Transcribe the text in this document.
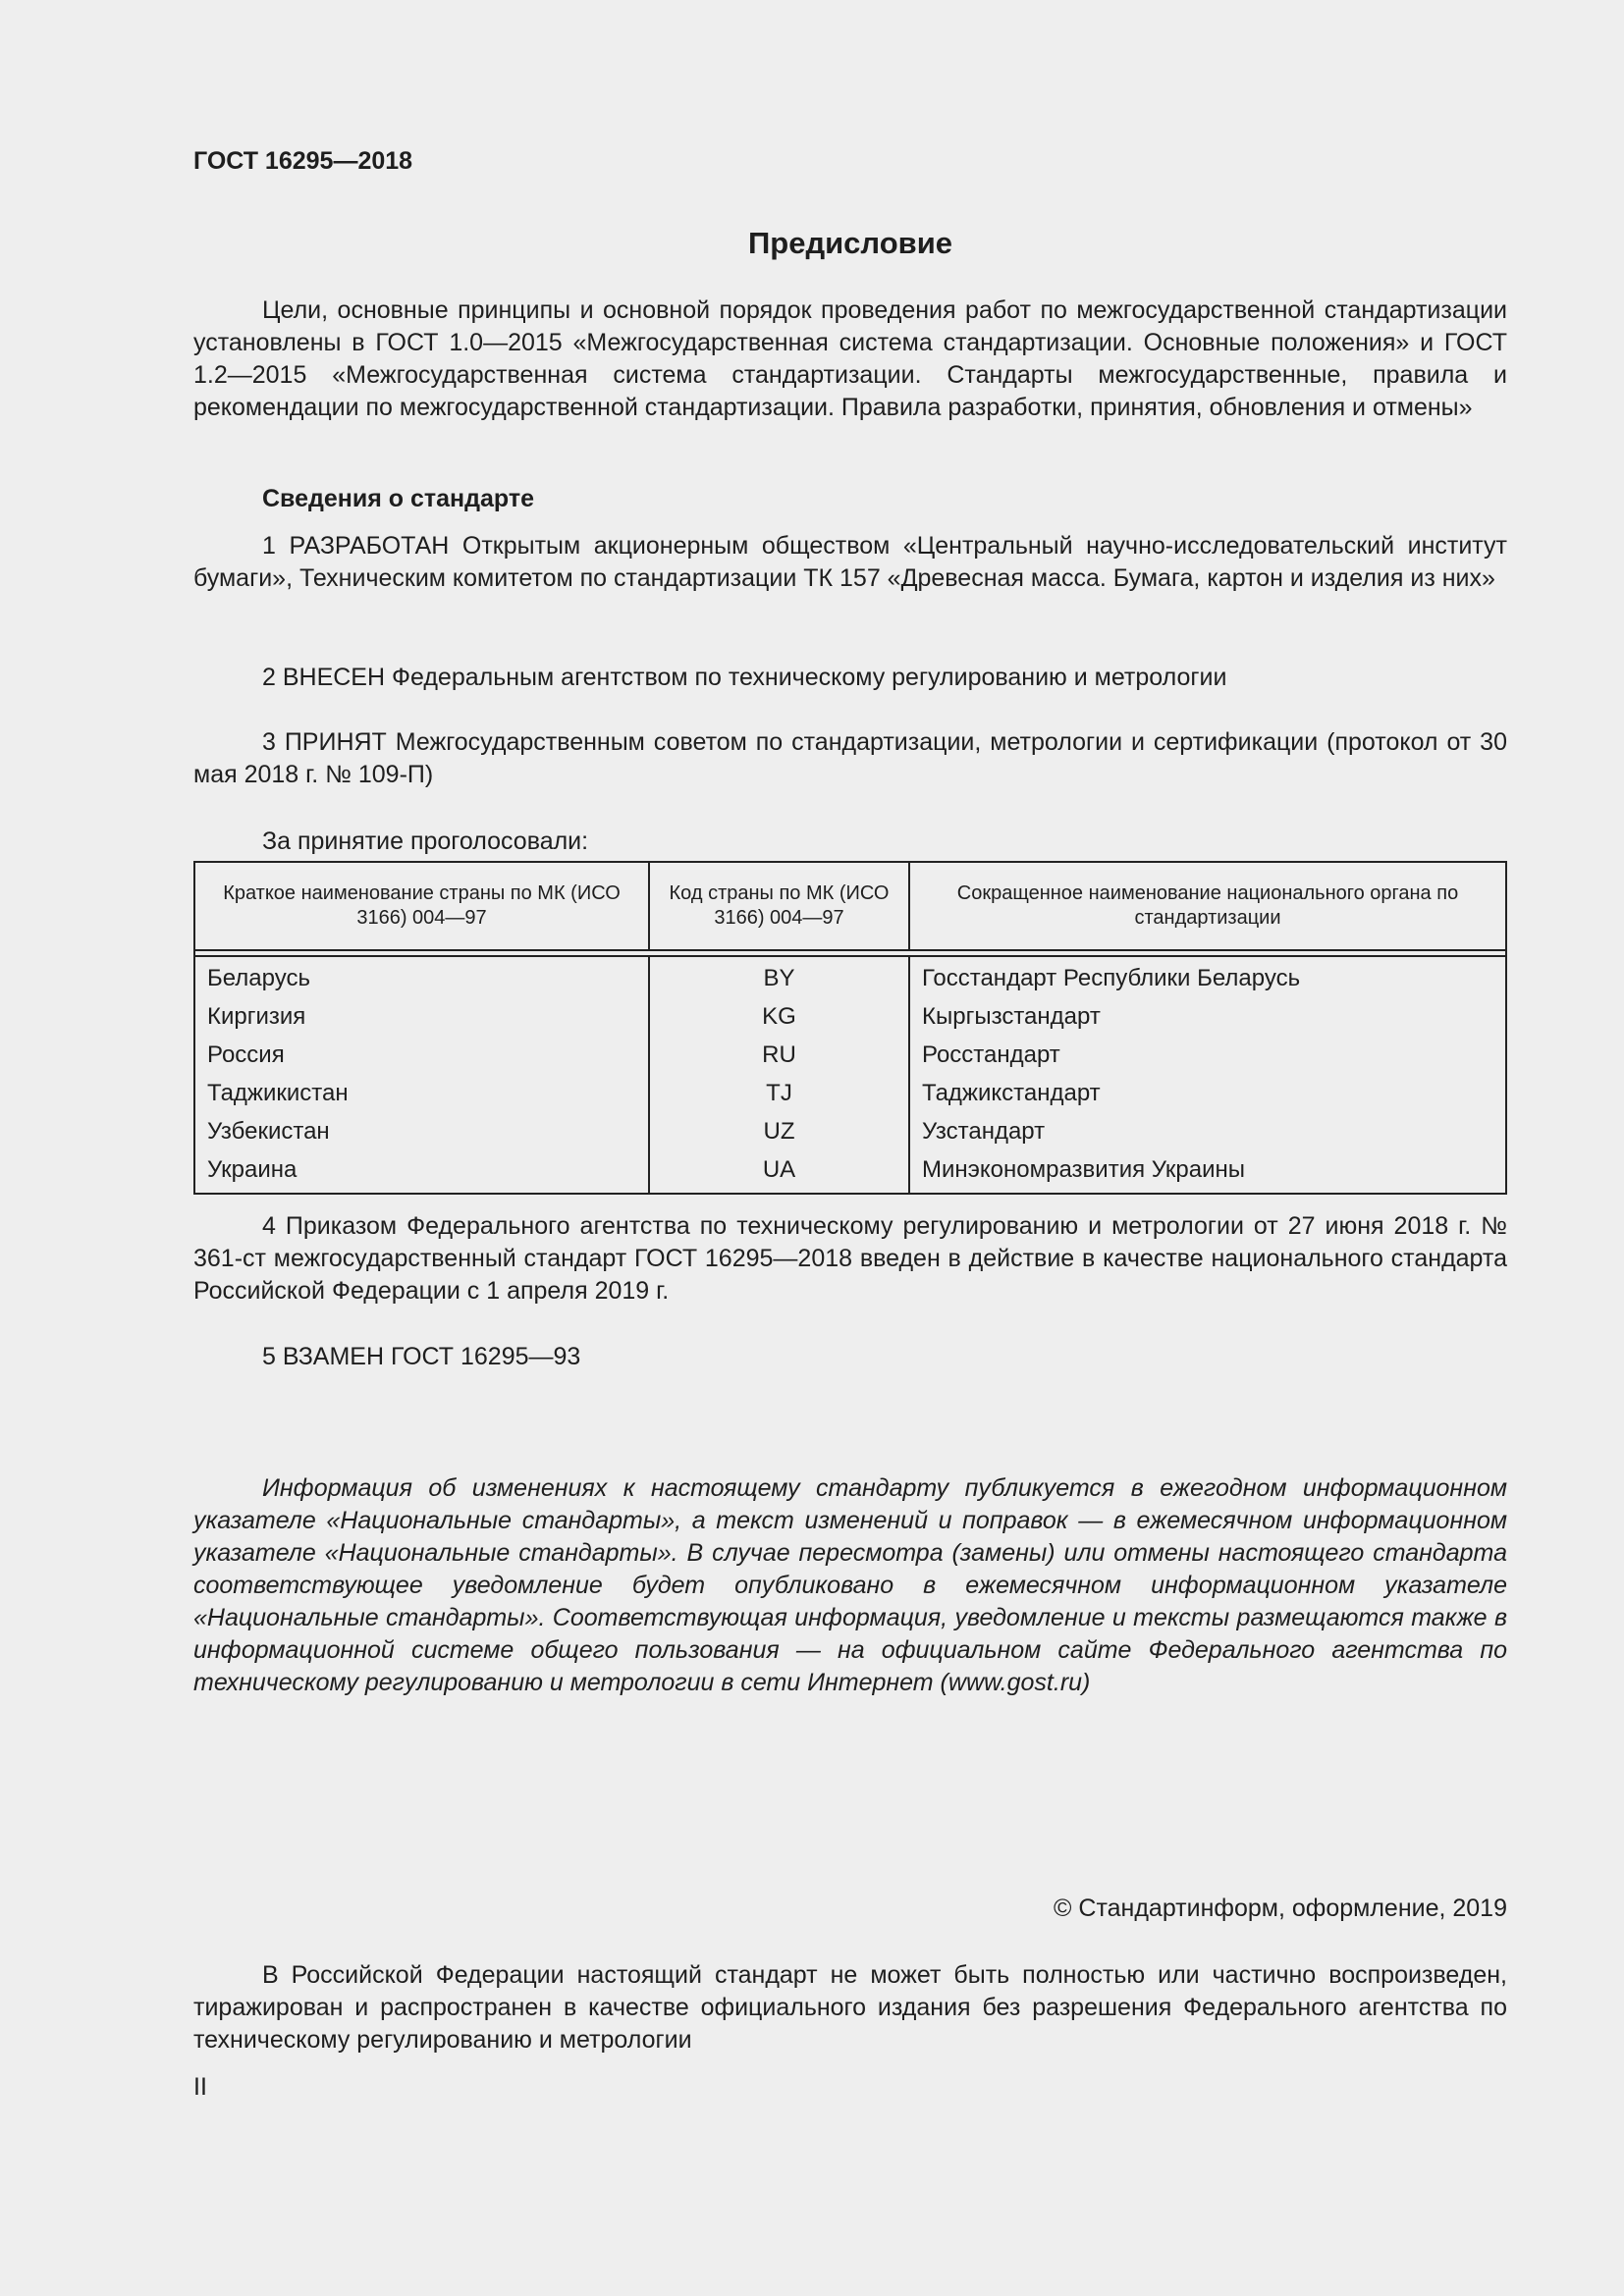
ГОСТ 16295—2018

Предисловие

Цели, основные принципы и основной порядок проведения работ по межгосударственной стандартизации установлены в ГОСТ 1.0—2015 «Межгосударственная система стандартизации. Основные положения» и ГОСТ 1.2—2015 «Межгосударственная система стандартизации. Стандарты межгосударственные, правила и рекомендации по межгосударственной стандартизации. Правила разработки, принятия, обновления и отмены»

Сведения о стандарте

1 РАЗРАБОТАН Открытым акционерным обществом «Центральный научно-исследовательский институт бумаги», Техническим комитетом по стандартизации ТК 157 «Древесная масса. Бумага, картон и изделия из них»

2 ВНЕСЕН Федеральным агентством по техническому регулированию и метрологии

3 ПРИНЯТ Межгосударственным советом по стандартизации, метрологии и сертификации (протокол от 30 мая 2018 г. № 109-П)

За принятие проголосовали:

Краткое наименование страны по МК (ИСО 3166) 004—97
Код страны по МК (ИСО 3166) 004—97
Сокращенное наименование национального органа по стандартизации
Беларусь
Киргизия
Россия
Таджикистан
Узбекистан
Украина
BY
KG
RU
TJ
UZ
UA
Госстандарт Республики Беларусь
Кыргызстандарт
Росстандарт
Таджикстандарт
Узстандарт
Минэкономразвития Украины

4 Приказом Федерального агентства по техническому регулированию и метрологии от 27 июня 2018 г. № 361-ст межгосударственный стандарт ГОСТ 16295—2018 введен в действие в качестве национального стандарта Российской Федерации с 1 апреля 2019 г.

5 ВЗАМЕН ГОСТ 16295—93

Информация об изменениях к настоящему стандарту публикуется в ежегодном информационном указателе «Национальные стандарты», а текст изменений и поправок — в ежемесячном информационном указателе «Национальные стандарты». В случае пересмотра (замены) или отмены настоящего стандарта соответствующее уведомление будет опубликовано в ежемесячном информационном указателе «Национальные стандарты». Соответствующая информация, уведомление и тексты размещаются также в информационной системе общего пользования — на официальном сайте Федерального агентства по техническому регулированию и метрологии в сети Интернет (www.gost.ru)

© Стандартинформ, оформление, 2019

В Российской Федерации настоящий стандарт не может быть полностью или частично воспроизведен, тиражирован и распространен в качестве официального издания без разрешения Федерального агентства по техническому регулированию и метрологии

II
